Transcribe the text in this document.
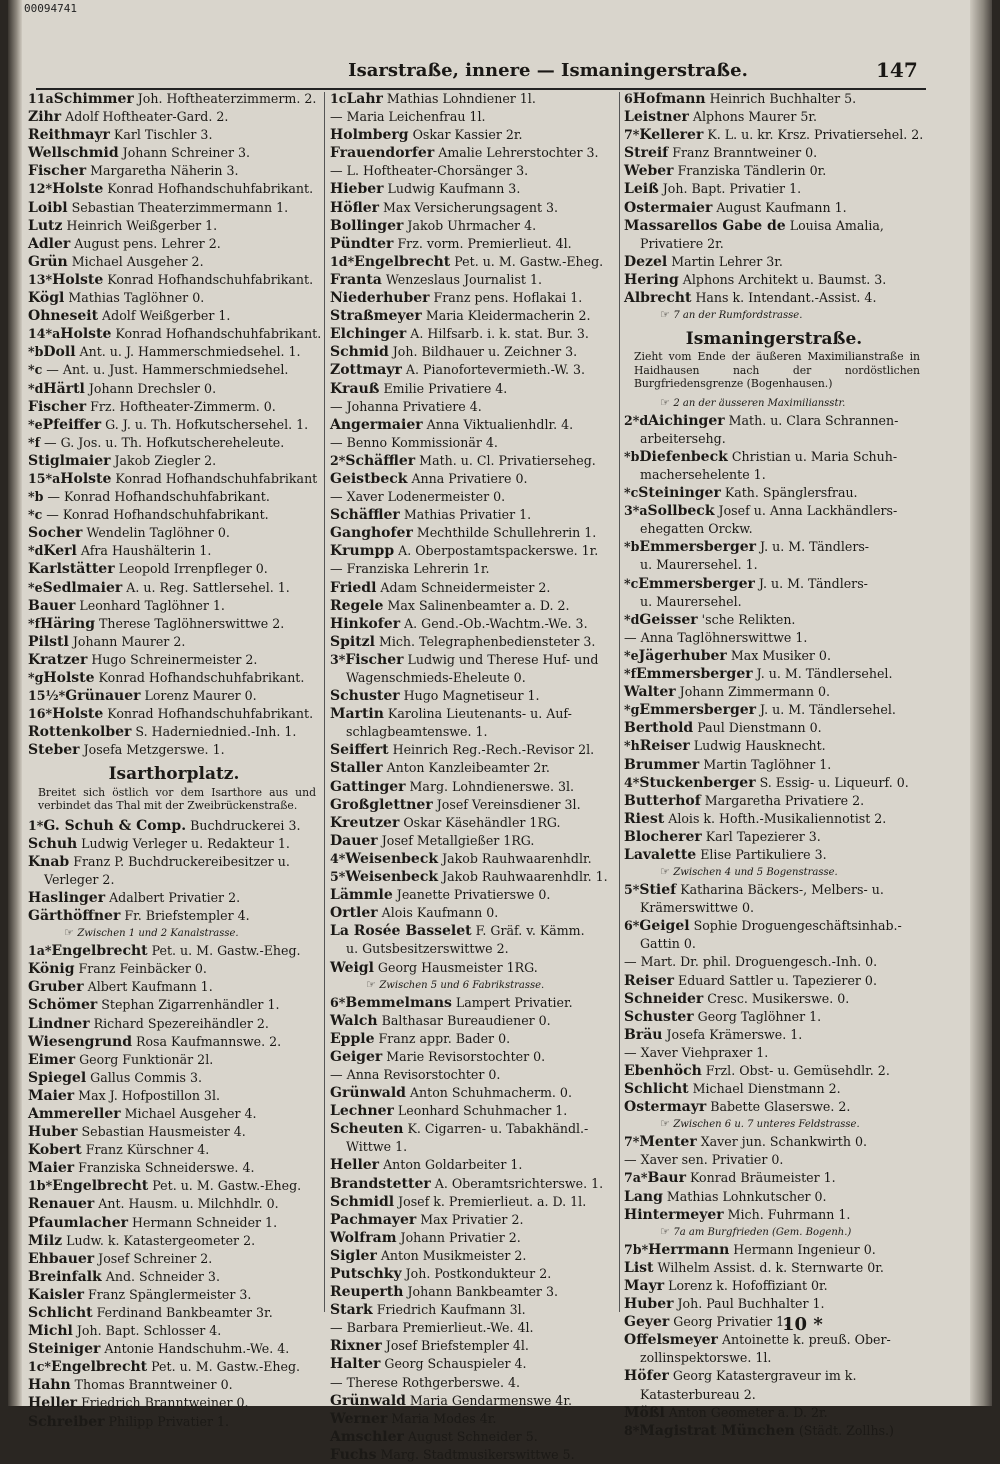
00094741
Isarstraße, innere — Ismaningerstraße.	147
11aSchimmer Joh. Hoftheaterzimmerm. 2.
Zihr Adolf Hoftheater-Gard. 2.
Reithmayr Karl Tischler 3.
Wellschmid Johann Schreiner 3.
Fischer Margaretha Näherin 3.
12*Holste Konrad Hofhandschuhfabrikant.
Loibl Sebastian Theaterzimmermann 1.
Lutz Heinrich Weißgerber 1.
Adler August pens. Lehrer 2.
Grün Michael Ausgeher 2.
13*Holste Konrad Hofhandschuhfabrikant.
Kögl Mathias Taglöhner 0.
Ohneseit Adolf Weißgerber 1.
14*aHolste Konrad Hofhandschuhfabrikant.
*bDoll Ant. u. J. Hammerschmiedsehel. 1.
*c — Ant. u. Just. Hammerschmiedsehel.
*dHärtl Johann Drechsler 0.
Fischer Frz. Hoftheater-Zimmerm. 0.
*ePfeiffer G. J. u. Th. Hofkutschersehel. 1.
*f — G. Jos. u. Th. Hofkutschereheleute.
Stiglmaier Jakob Ziegler 2.
15*aHolste Konrad Hofhandschuhfabrikant
*b — Konrad Hofhandschuhfabrikant.
*c — Konrad Hofhandschuhfabrikant.
Socher Wendelin Taglöhner 0.
*dKerl Afra Haushälterin 1.
Karlstätter Leopold Irrenpfleger 0.
*eSedlmaier A. u. Reg. Sattlersehel. 1.
Bauer Leonhard Taglöhner 1.
*fHäring Therese Taglöhnerswittwe 2.
Pilstl Johann Maurer 2.
Kratzer Hugo Schreinermeister 2.
*gHolste Konrad Hofhandschuhfabrikant.
15½*Grünauer Lorenz Maurer 0.
16*Holste Konrad Hofhandschuhfabrikant.
Rottenkolber S. Haderniednied.-Inh. 1.
Steber Josefa Metzgerswe. 1.
Isarthorplatz.
Breitet sich östlich vor dem Isarthore aus und verbindet das Thal mit der Zweibrückenstraße.
1*G. Schuh & Comp. Buchdruckerei 3.
Schuh Ludwig Verleger u. Redakteur 1.
Knab Franz P. Buchdruckereibesitzer u.
Verleger 2.
Haslinger Adalbert Privatier 2.
Gärthöffner Fr. Briefstempler 4.
☞ Zwischen 1 und 2 Kanalstrasse.
1a*Engelbrecht Pet. u. M. Gastw.-Eheg.
König Franz Feinbäcker 0.
Gruber Albert Kaufmann 1.
Schömer Stephan Zigarrenhändler 1.
Lindner Richard Spezereihändler 2.
Wiesengrund Rosa Kaufmannswe. 2.
Eimer Georg Funktionär 2l.
Spiegel Gallus Commis 3.
Maier Max J. Hofpostillon 3l.
Ammereller Michael Ausgeher 4.
Huber Sebastian Hausmeister 4.
Kobert Franz Kürschner 4.
Maier Franziska Schneiderswe. 4.
1b*Engelbrecht Pet. u. M. Gastw.-Eheg.
Renauer Ant. Hausm. u. Milchhdlr. 0.
Pfaumlacher Hermann Schneider 1.
Milz Ludw. k. Katastergeometer 2.
Ehbauer Josef Schreiner 2.
Breinfalk And. Schneider 3.
Kaisler Franz Spänglermeister 3.
Schlicht Ferdinand Bankbeamter 3r.
Michl Joh. Bapt. Schlosser 4.
Steiniger Antonie Handschuhm.-We. 4.
1c*Engelbrecht Pet. u. M. Gastw.-Eheg.
Hahn Thomas Branntweiner 0.
Heller Friedrich Branntweiner 0.
Schreiber Philipp Privatier 1.
1cLahr Mathias Lohndiener 1l.
— Maria Leichenfrau 1l.
Holmberg Oskar Kassier 2r.
Frauendorfer Amalie Lehrerstochter 3.
— L. Hoftheater-Chorsänger 3.
Hieber Ludwig Kaufmann 3.
Höfler Max Versicherungsagent 3.
Bollinger Jakob Uhrmacher 4.
Pündter Frz. vorm. Premierlieut. 4l.
1d*Engelbrecht Pet. u. M. Gastw.-Eheg.
Franta Wenzeslaus Journalist 1.
Niederhuber Franz pens. Hoflakai 1.
Straßmeyer Maria Kleidermacherin 2.
Elchinger A. Hilfsarb. i. k. stat. Bur. 3.
Schmid Joh. Bildhauer u. Zeichner 3.
Zottmayr A. Pianofortevermieth.-W. 3.
Krauß Emilie Privatiere 4.
— Johanna Privatiere 4.
Angermaier Anna Viktualienhdlr. 4.
— Benno Kommissionär 4.
2*Schäffler Math. u. Cl. Privatierseheg.
Geistbeck Anna Privatiere 0.
— Xaver Lodenermeister 0.
Schäffler Mathias Privatier 1.
Ganghofer Mechthilde Schullehrerin 1.
Krumpp A. Oberpostamtspackerswe. 1r.
— Franziska Lehrerin 1r.
Friedl Adam Schneidermeister 2.
Regele Max Salinenbeamter a. D. 2.
Hinkofer A. Gend.-Ob.-Wachtm.-We. 3.
Spitzl Mich. Telegraphenbediensteter 3.
3*Fischer Ludwig und Therese Huf- und
Wagenschmieds-Eheleute 0.
Schuster Hugo Magnetiseur 1.
Martin Karolina Lieutenants- u. Auf-
schlagbeamtenswe. 1.
Seiffert Heinrich Reg.-Rech.-Revisor 2l.
Staller Anton Kanzleibeamter 2r.
Gattinger Marg. Lohndienerswe. 3l.
Großglettner Josef Vereinsdiener 3l.
Kreutzer Oskar Käsehändler 1RG.
Dauer Josef Metallgießer 1RG.
4*Weisenbeck Jakob Rauhwaarenhdlr.
5*Weisenbeck Jakob Rauhwaarenhdlr. 1.
Lämmle Jeanette Privatierswe 0.
Ortler Alois Kaufmann 0.
La Rosée Basselet F. Gräf. v. Kämm.
u. Gutsbesitzerswittwe 2.
Weigl Georg Hausmeister 1RG.
☞ Zwischen 5 und 6 Fabrikstrasse.
6*Bemmelmans Lampert Privatier.
Walch Balthasar Bureaudiener 0.
Epple Franz appr. Bader 0.
Geiger Marie Revisorstochter 0.
— Anna Revisorstochter 0.
Grünwald Anton Schuhmacherm. 0.
Lechner Leonhard Schuhmacher 1.
Scheuten K. Cigarren- u. Tabakhändl.-
Wittwe 1.
Heller Anton Goldarbeiter 1.
Brandstetter A. Oberamtsrichterswe. 1.
Schmidl Josef k. Premierlieut. a. D. 1l.
Pachmayer Max Privatier 2.
Wolfram Johann Privatier 2.
Sigler Anton Musikmeister 2.
Putschky Joh. Postkondukteur 2.
Reuperth Johann Bankbeamter 3.
Stark Friedrich Kaufmann 3l.
— Barbara Premierlieut.-We. 4l.
Rixner Josef Briefstempler 4l.
Halter Georg Schauspieler 4.
— Therese Rothgerberswe. 4.
Grünwald Maria Gendarmenswe 4r.
Werner Maria Modes 4r.
Amschler August Schneider 5.
Fuchs Marg. Stadtmusikerswittwe 5.
6Hofmann Heinrich Buchhalter 5.
Leistner Alphons Maurer 5r.
7*Kellerer K. L. u. kr. Krsz. Privatiersehel. 2.
Streif Franz Branntweiner 0.
Weber Franziska Tändlerin 0r.
Leiß Joh. Bapt. Privatier 1.
Ostermaier August Kaufmann 1.
Massarellos Gabe de Louisa Amalia,
Privatiere 2r.
Dezel Martin Lehrer 3r.
Hering Alphons Architekt u. Baumst. 3.
Albrecht Hans k. Intendant.-Assist. 4.
☞ 7 an der Rumfordstrasse.
Ismaningerstraße.
Zieht vom Ende der äußeren Maximilianstraße in Haidhausen nach der nordöstlichen Burgfriedensgrenze (Bogenhausen.)
☞ 2 an der äusseren Maximiliansstr.
2*dAichinger Math. u. Clara Schrannen-
arbeitersehg.
*bDiefenbeck Christian u. Maria Schuh-
machersehelente 1.
*cSteininger Kath. Spänglersfrau.
3*aSollbeck Josef u. Anna Lackhändlers-
ehegatten Orckw.
*bEmmersberger J. u. M. Tändlers-
u. Maurersehel. 1.
*cEmmersberger J. u. M. Tändlers-
u. Maurersehel.
*dGeisser 'sche Relikten.
— Anna Taglöhnerswittwe 1.
*eJägerhuber Max Musiker 0.
*fEmmersberger J. u. M. Tändlersehel.
Walter Johann Zimmermann 0.
*gEmmersberger J. u. M. Tändlersehel.
Berthold Paul Dienstmann 0.
*hReiser Ludwig Hausknecht.
Brummer Martin Taglöhner 1.
4*Stuckenberger S. Essig- u. Liqueurf. 0.
Butterhof Margaretha Privatiere 2.
Riest Alois k. Hofth.-Musikaliennotist 2.
Blocherer Karl Tapezierer 3.
Lavalette Elise Partikuliere 3.
☞ Zwischen 4 und 5 Bogenstrasse.
5*Stief Katharina Bäckers-, Melbers- u.
Krämerswittwe 0.
6*Geigel Sophie Droguengeschäftsinhab.-
Gattin 0.
— Mart. Dr. phil. Droguengesch.-Inh. 0.
Reiser Eduard Sattler u. Tapezierer 0.
Schneider Cresc. Musikerswe. 0.
Schuster Georg Taglöhner 1.
Bräu Josefa Krämerswe. 1.
— Xaver Viehpraxer 1.
Ebenhöch Frzl. Obst- u. Gemüsehdlr. 2.
Schlicht Michael Dienstmann 2.
Ostermayr Babette Glaserswe. 2.
☞ Zwischen 6 u. 7 unteres Feldstrasse.
7*Menter Xaver jun. Schankwirth 0.
— Xaver sen. Privatier 0.
7a*Baur Konrad Bräumeister 1.
Lang Mathias Lohnkutscher 0.
Hintermeyer Mich. Fuhrmann 1.
☞ 7a am Burgfrieden (Gem. Bogenh.)
7b*Herrmann Hermann Ingenieur 0.
List Wilhelm Assist. d. k. Sternwarte 0r.
Mayr Lorenz k. Hofoffiziant 0r.
Huber Joh. Paul Buchhalter 1.
Geyer Georg Privatier 1.
Offelsmeyer Antoinette k. preuß. Ober-
zollinspektorswe. 1l.
Höfer Georg Katastergraveur im k.
Katasterbureau 2.
Mößl Anton Geometer a. D. 2r.
8*Magistrat München (Städt. Zollhs.)
10 *
